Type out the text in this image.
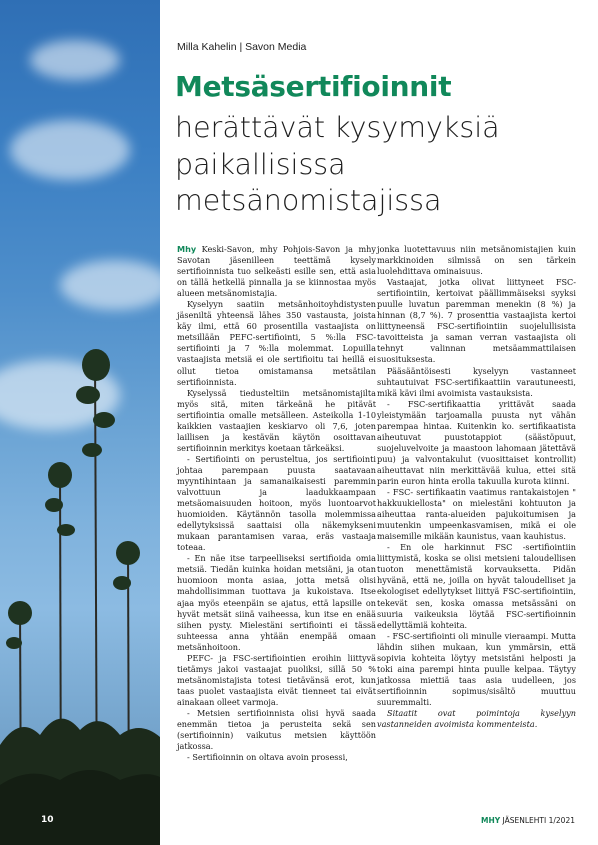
10
Milla Kahelin | Savon Media
Metsäsertifioinnit
herättävät kysymyksiä paikallisissa metsänomistajissa

Mhy Keski-Savon, mhy Pohjois-Savon ja mhy Savotan jäsenilleen teettämä kysely sertifioinnista tuo selkeästi esille sen, että asia on tällä hetkellä pinnalla ja se kiinnostaa myös alueen metsänomistajia.

Kyselyyn saatiin metsänhoitoyhdistysten jäseniltä yhteensä lähes 350 vastausta, joista käy ilmi, että 60 prosentilla vastaajista on metsillään PEFC-sertifiointi, 5 %:lla FSC-sertifiointi ja 7 %:lla molemmat. Lopuilla vastaajista metsiä ei ole sertifioitu tai heillä ei ollut tietoa omistamansa metsätilan sertifioinnista.

Kyselyssä tiedusteltiin metsänomistajilta myös sitä, miten tärkeänä he pitävät sertifiointia omalle metsälleen. Asteikolla 1-10 kaikkien vastaajien keskiarvo oli 7,6, joten laillisen ja kestävän käytön osoittavan sertifioinnin merkitys koetaan tärkeäksi.

- Sertifiointi on perusteltua, jos sertifiointi johtaa parempaan puusta saatavaan myyntihintaan ja samanaikaisesti paremmin valvottuun ja laadukkaampaan metsäomaisuuden hoitoon, myös luontoarvot huomioiden. Käytännön tasolla molemmissa edellytyksissä saattaisi olla näkemykseni mukaan parantamisen varaa, eräs vastaaja toteaa.

- En näe itse tarpeelliseksi sertifioida omia metsiä. Tiedän kuinka hoidan metsiäni, ja otan huomioon monta asiaa, jotta metsä olisi mahdollisimman tuottava ja kukoistava. Itse ajaa myös eteenpäin se ajatus, että lapsille on hyvät metsät siinä vaiheessa, kun itse en enää siihen pysty. Mielestäni sertifiointi ei tässä suhteessa anna yhtään enempää omaan metsänhoitoon.

PEFC- ja FSC-sertifiointien eroihin liittyvä tietämys jakoi vastaajat puoliksi, sillä 50 % metsänomistajista totesi tietävänsä erot, kun taas puolet vastaajista eivät tienneet tai eivät ainakaan olleet varmoja.

- Metsien sertifioinnista olisi hyvä saada enemmän tietoa ja perusteita sekä sen (sertifioinnin) vaikutus metsien käyttöön jatkossa.

- Sertifioinnin on oltava avoin prosessi,

jonka luotettavuus niin metsänomistajien kuin markkinoiden silmissä on sen tärkein luolehdittava ominaisuus.

Vastaajat, jotka olivat liittyneet FSC-sertifiointiin, kertoivat päällimmäiseksi syyksi puulle luvatun paremman menekin (8 %) ja hinnan (8,7 %). 7 prosenttia vastaajista kertoi liittyneensä FSC-sertifiointiin suojelullisista tavoitteista ja saman verran vastaajista oli tehnyt valinnan metsäammattilaisen suosituksesta.

Pääsääntöisesti kyselyyn vastanneet suhtautuivat FSC-sertifikaattiin varautuneesti, mikä kävi ilmi avoimista vastauksista.

- FSC-sertifikaattia yrittävät saada yleistymään tarjoamalla puusta nyt vähän parempaa hintaa. Kuitenkin ko. sertifikaatista aiheutuvat puustotappiot (säästöpuut, suojeluvelvoite ja maastoon lahomaan jätettävä puu) ja valvontakulut (vuosittaiset kontrollit) aiheuttavat niin merkittävää kulua, ettei sitä parin euron hinta erolla takuulla kurota kiinni.

- FSC- sertifikaatin vaatimus rantakaistojen " hakkuukiellosta" on mielestäni kohtuuton ja aiheuttaa ranta-alueiden pajukoitumisen ja muutenkin umpeenkasvamisen, mikä ei ole maisemille mikään kaunistus, vaan kauhistus.

- En ole harkinnut FSC -sertifiointiin liittymistä, koska se olisi metsieni taloudellisen tuoton menettämistä korvauksetta. Pidän hyvänä, että ne, joilla on hyvät taloudelliset ja ekologiset edellytykset liittyä FSC-sertifiointiin, tekevät sen, koska omassa metsässäni on suuria vaikeuksia löytää FSC-sertifioinnin edellyttämiä kohteita.

- FSC-sertifiointi oli minulle vieraampi. Mutta lähdin siihen mukaan, kun ymmärsin, että sopivia kohteita löytyy metsistäni helposti ja toki aina parempi hinta puulle kelpaa. Täytyy jatkossa miettiä taas asia uudelleen, jos sertifioinnin sopimus/sisältö muuttuu suuremmalti.

Sitaatit ovat poimintoja kyselyyn vastanneiden avoimista kommenteista.

MHY JÄSENLEHTI 1/2021
